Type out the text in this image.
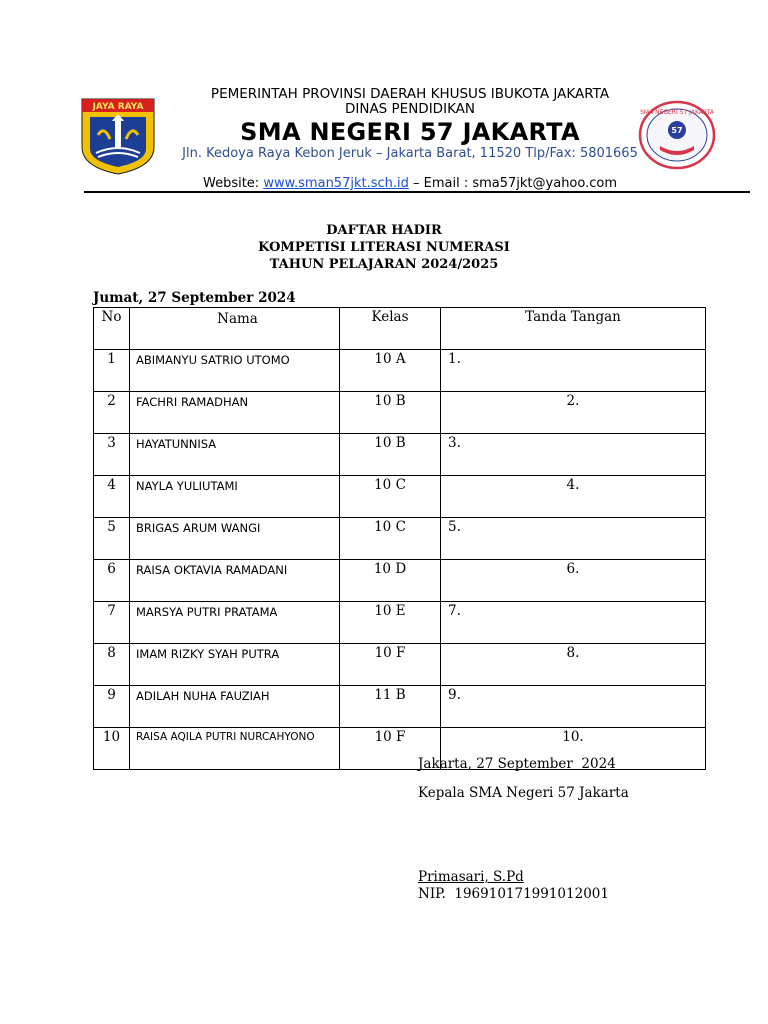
JAYA RAYA
SMA NEGERI 57 JAKARTA
57
PEMERINTAH PROVINSI DAERAH KHUSUS IBUKOTA JAKARTA
DINAS PENDIDIKAN
SMA NEGERI 57 JAKARTA
Jln. Kedoya Raya Kebon Jeruk – Jakarta Barat, 11520 Tlp/Fax: 5801665
Website: www.sman57jkt.sch.id – Email : sma57jkt@yahoo.com
DAFTAR HADIR
KOMPETISI LITERASI NUMERASI
TAHUN PELAJARAN 2024/2025
Jumat, 27 September 2024
No	Nama	Kelas	Tanda Tangan
1	ABIMANYU SATRIO UTOMO	10 A	1.
2	FACHRI RAMADHAN	10 B	2.
3	HAYATUNNISA	10 B	3.
4	NAYLA YULIUTAMI	10 C	4.
5	BRIGAS ARUM WANGI	10 C	5.
6	RAISA OKTAVIA RAMADANI	10 D	6.
7	MARSYA PUTRI PRATAMA	10 E	7.
8	IMAM RIZKY SYAH PUTRA	10 F	8.
9	ADILAH NUHA FAUZIAH	11 B	9.
10	RAISA AQILA PUTRI NURCAHYONO	10 F	10.
Jakarta, 27 September  2024
Kepala SMA Negeri 57 Jakarta
Primasari, S.Pd
NIP.  196910171991012001
